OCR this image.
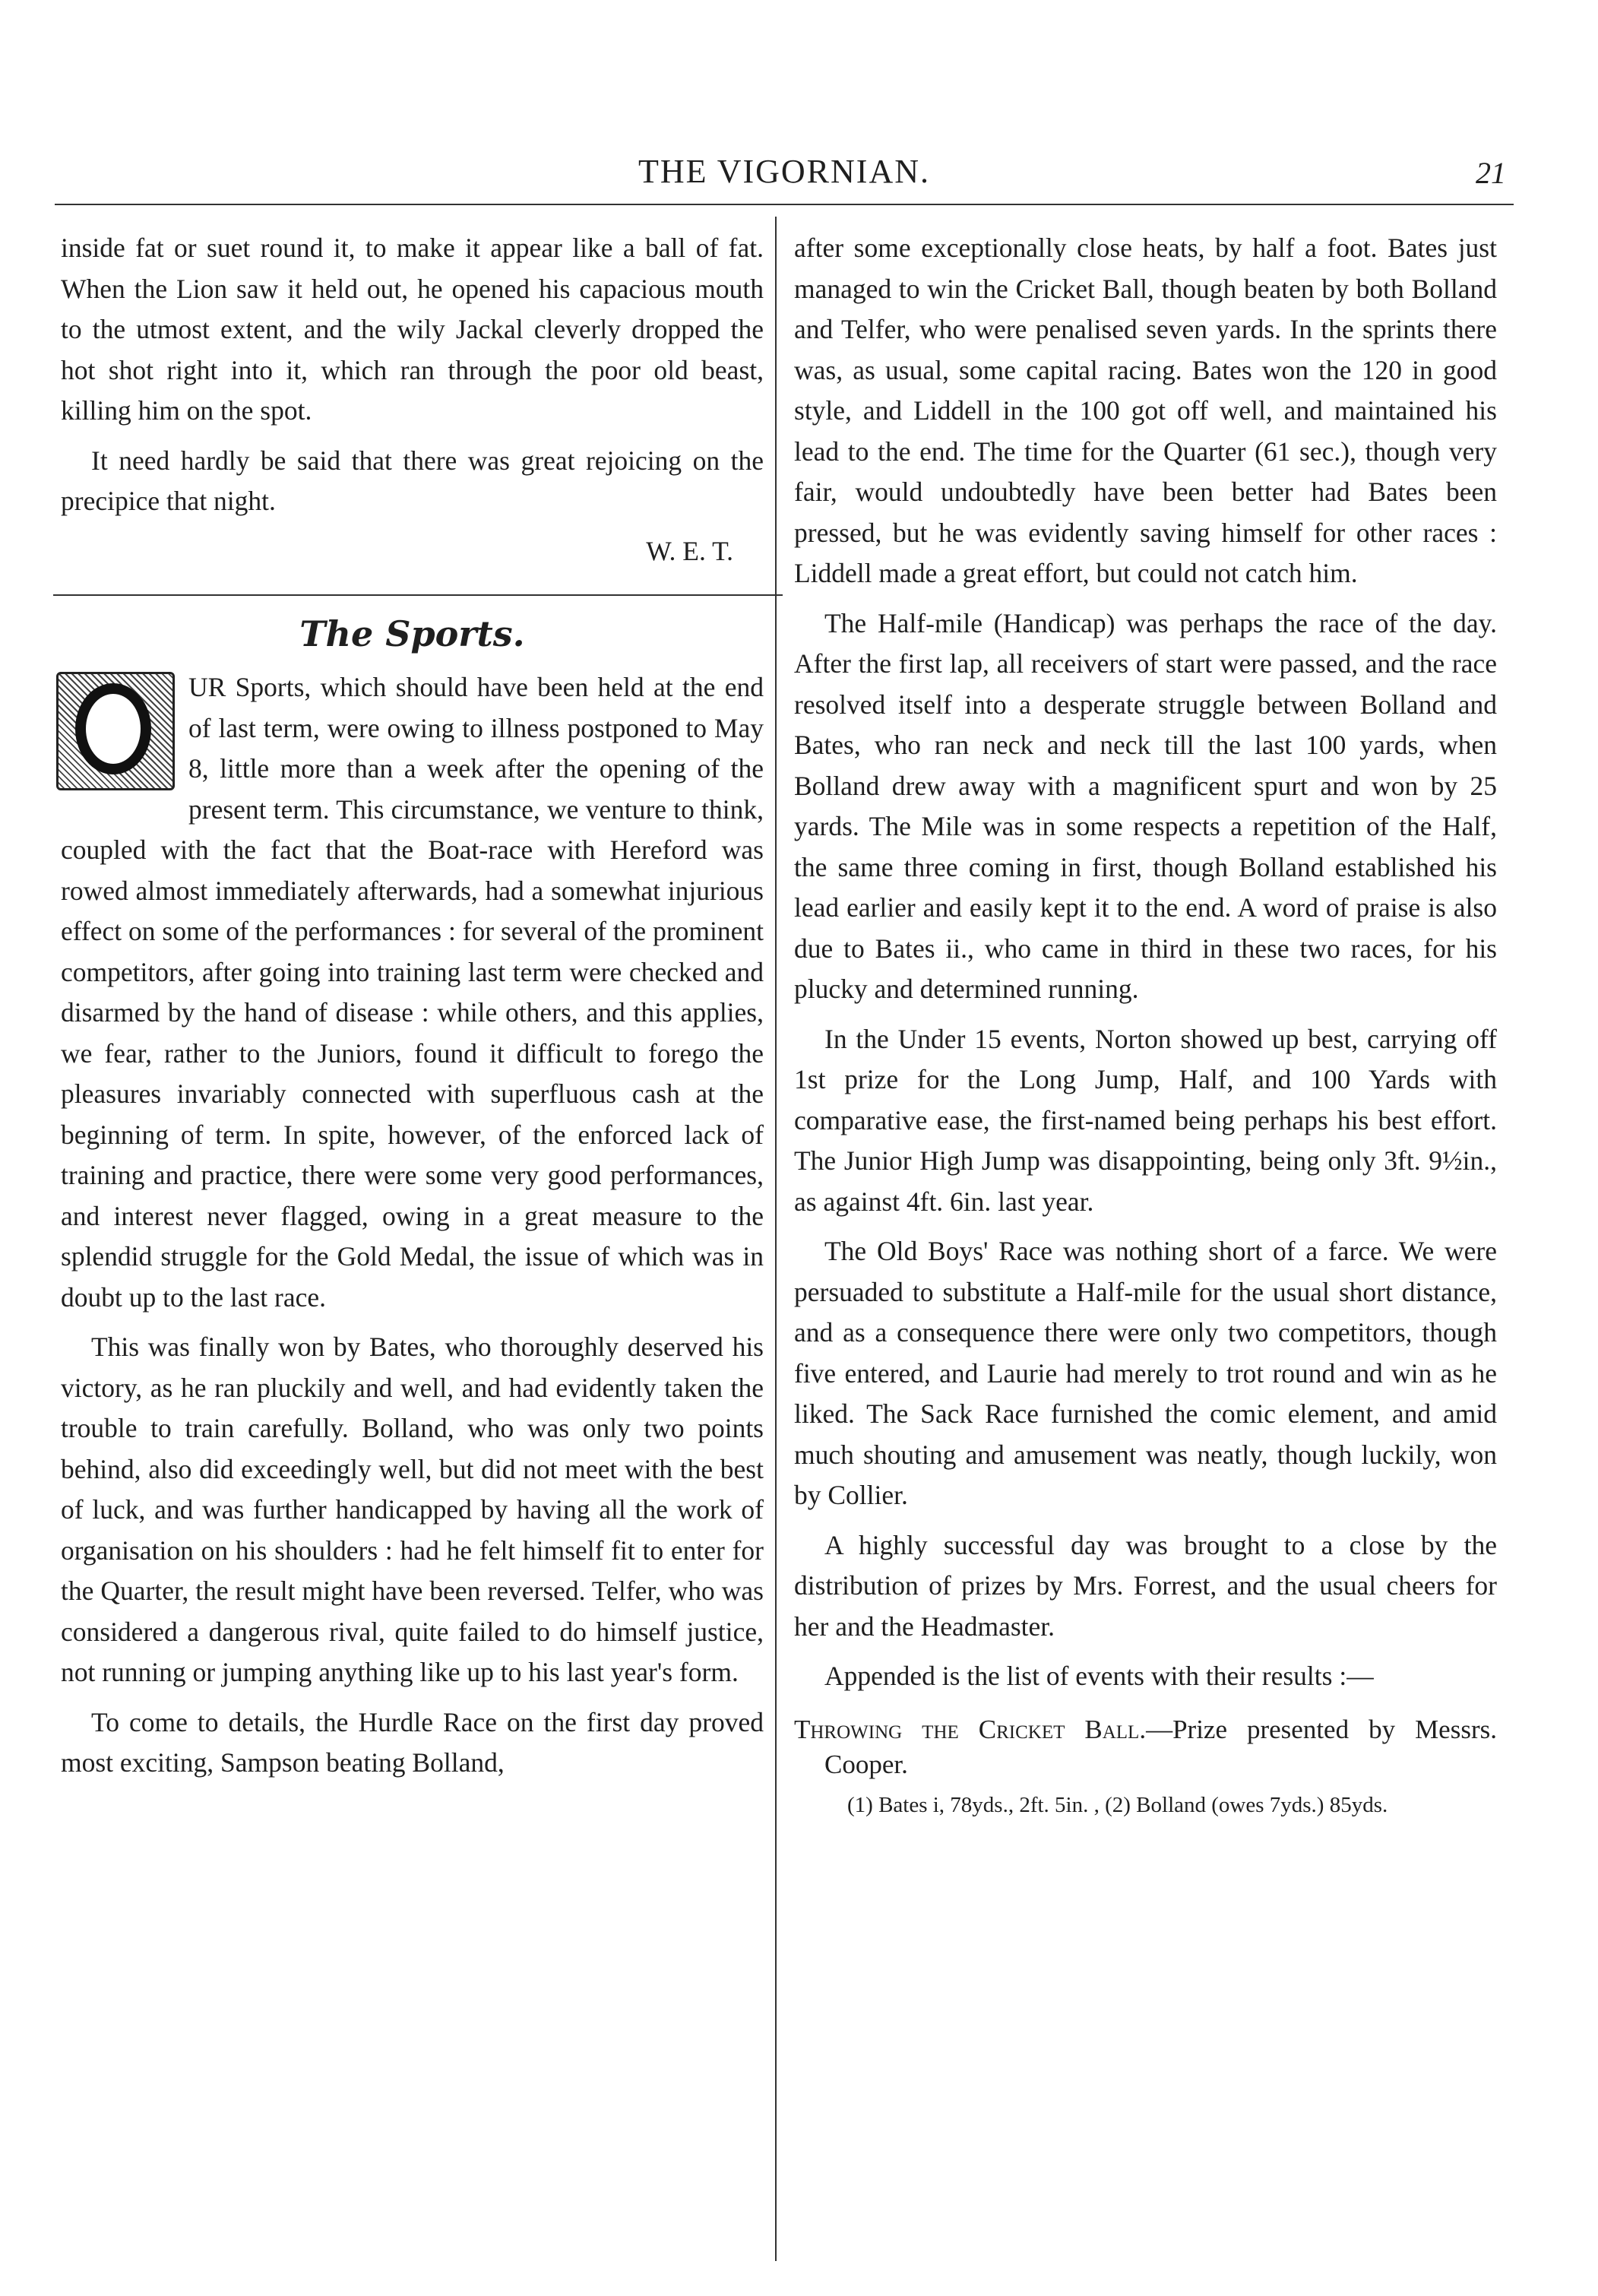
THE VIGORNIAN.	21

inside fat or suet round it, to make it appear like a ball of fat. When the Lion saw it held out, he opened his capacious mouth to the utmost extent, and the wily Jackal cleverly dropped the hot shot right into it, which ran through the poor old beast, killing him on the spot.

It need hardly be said that there was great rejoicing on the precipice that night.

W. E. T.

The Sports.

UR Sports, which should have been held at the end of last term, were owing to illness postponed to May 8, little more than a week after the opening of the present term. This circumstance, we venture to think, coupled with the fact that the Boat-race with Hereford was rowed almost immediately afterwards, had a somewhat injurious effect on some of the performances : for several of the prominent competitors, after going into training last term were checked and disarmed by the hand of disease : while others, and this applies, we fear, rather to the Juniors, found it difficult to forego the pleasures invariably connected with superfluous cash at the beginning of term. In spite, however, of the enforced lack of training and practice, there were some very good performances, and interest never flagged, owing in a great measure to the splendid struggle for the Gold Medal, the issue of which was in doubt up to the last race.

This was finally won by Bates, who thoroughly deserved his victory, as he ran pluckily and well, and had evidently taken the trouble to train carefully. Bolland, who was only two points behind, also did exceedingly well, but did not meet with the best of luck, and was further handicapped by having all the work of organisation on his shoulders : had he felt himself fit to enter for the Quarter, the result might have been reversed. Telfer, who was considered a dangerous rival, quite failed to do himself justice, not running or jumping anything like up to his last year's form.

To come to details, the Hurdle Race on the first day proved most exciting, Sampson beating Bolland,

after some exceptionally close heats, by half a foot. Bates just managed to win the Cricket Ball, though beaten by both Bolland and Telfer, who were penalised seven yards. In the sprints there was, as usual, some capital racing. Bates won the 120 in good style, and Liddell in the 100 got off well, and maintained his lead to the end. The time for the Quarter (61 sec.), though very fair, would undoubtedly have been better had Bates been pressed, but he was evidently saving himself for other races : Liddell made a great effort, but could not catch him.

The Half-mile (Handicap) was perhaps the race of the day. After the first lap, all receivers of start were passed, and the race resolved itself into a desperate struggle between Bolland and Bates, who ran neck and neck till the last 100 yards, when Bolland drew away with a magnificent spurt and won by 25 yards. The Mile was in some respects a repetition of the Half, the same three coming in first, though Bolland established his lead earlier and easily kept it to the end. A word of praise is also due to Bates ii., who came in third in these two races, for his plucky and determined running.

In the Under 15 events, Norton showed up best, carrying off 1st prize for the Long Jump, Half, and 100 Yards with comparative ease, the first-named being perhaps his best effort. The Junior High Jump was disappointing, being only 3ft. 9½in., as against 4ft. 6in. last year.

The Old Boys' Race was nothing short of a farce. We were persuaded to substitute a Half-mile for the usual short distance, and as a consequence there were only two competitors, though five entered, and Laurie had merely to trot round and win as he liked. The Sack Race furnished the comic element, and amid much shouting and amusement was neatly, though luckily, won by Collier.

A highly successful day was brought to a close by the distribution of prizes by Mrs. Forrest, and the usual cheers for her and the Headmaster.

Appended is the list of events with their results :—

Throwing the Cricket Ball.—Prize presented by Messrs. Cooper.

(1) Bates i, 78yds., 2ft. 5in. , (2) Bolland (owes 7yds.) 85yds.
